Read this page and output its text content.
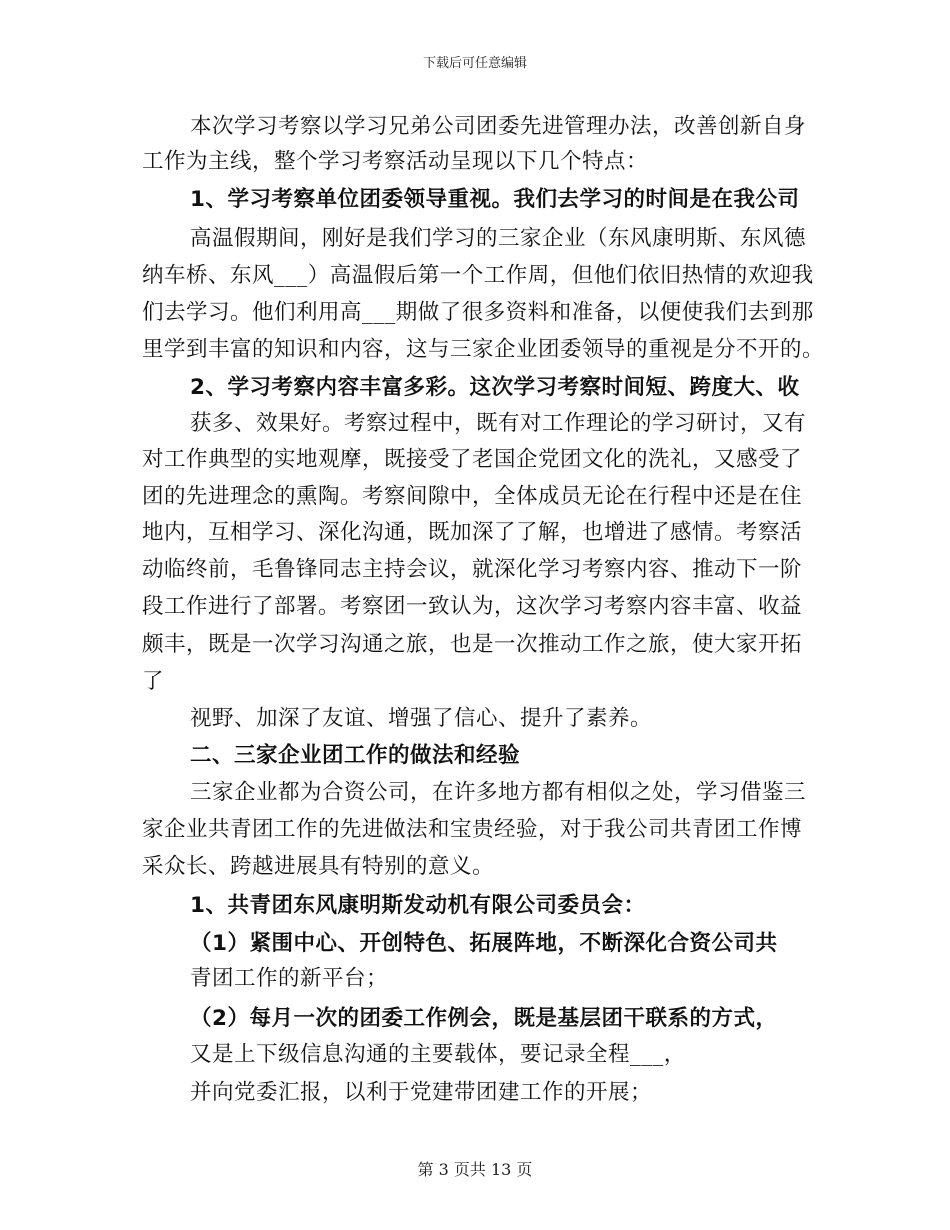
下载后可任意编辑
本次学习考察以学习兄弟公司团委先进管理办法，改善创新自身
工作为主线，整个学习考察活动呈现以下几个特点：
1、学习考察单位团委领导重视。我们去学习的时间是在我公司
高温假期间，刚好是我们学习的三家企业（东风康明斯、东风德
纳车桥、东风___）高温假后第一个工作周，但他们依旧热情的欢迎我
们去学习。他们利用高___期做了很多资料和准备，以便使我们去到那
里学到丰富的知识和内容，这与三家企业团委领导的重视是分不开的。
2、学习考察内容丰富多彩。这次学习考察时间短、跨度大、收
获多、效果好。考察过程中，既有对工作理论的学习研讨，又有
对工作典型的实地观摩，既接受了老国企党团文化的洗礼，又感受了
团的先进理念的熏陶。考察间隙中，全体成员无论在行程中还是在住
地内，互相学习、深化沟通，既加深了了解，也增进了感情。考察活
动临终前，毛鲁锋同志主持会议，就深化学习考察内容、推动下一阶
段工作进行了部署。考察团一致认为，这次学习考察内容丰富、收益
颇丰，既是一次学习沟通之旅，也是一次推动工作之旅，使大家开拓
了
视野、加深了友谊、增强了信心、提升了素养。
二、三家企业团工作的做法和经验
三家企业都为合资公司，在许多地方都有相似之处，学习借鉴三
家企业共青团工作的先进做法和宝贵经验，对于我公司共青团工作博
采众长、跨越进展具有特别的意义。
1、共青团东风康明斯发动机有限公司委员会：
（1）紧围中心、开创特色、拓展阵地，不断深化合资公司共
青团工作的新平台；
（2）每月一次的团委工作例会，既是基层团干联系的方式，
又是上下级信息沟通的主要载体，要记录全程___，
并向党委汇报，以利于党建带团建工作的开展；
第 3 页共 13 页
